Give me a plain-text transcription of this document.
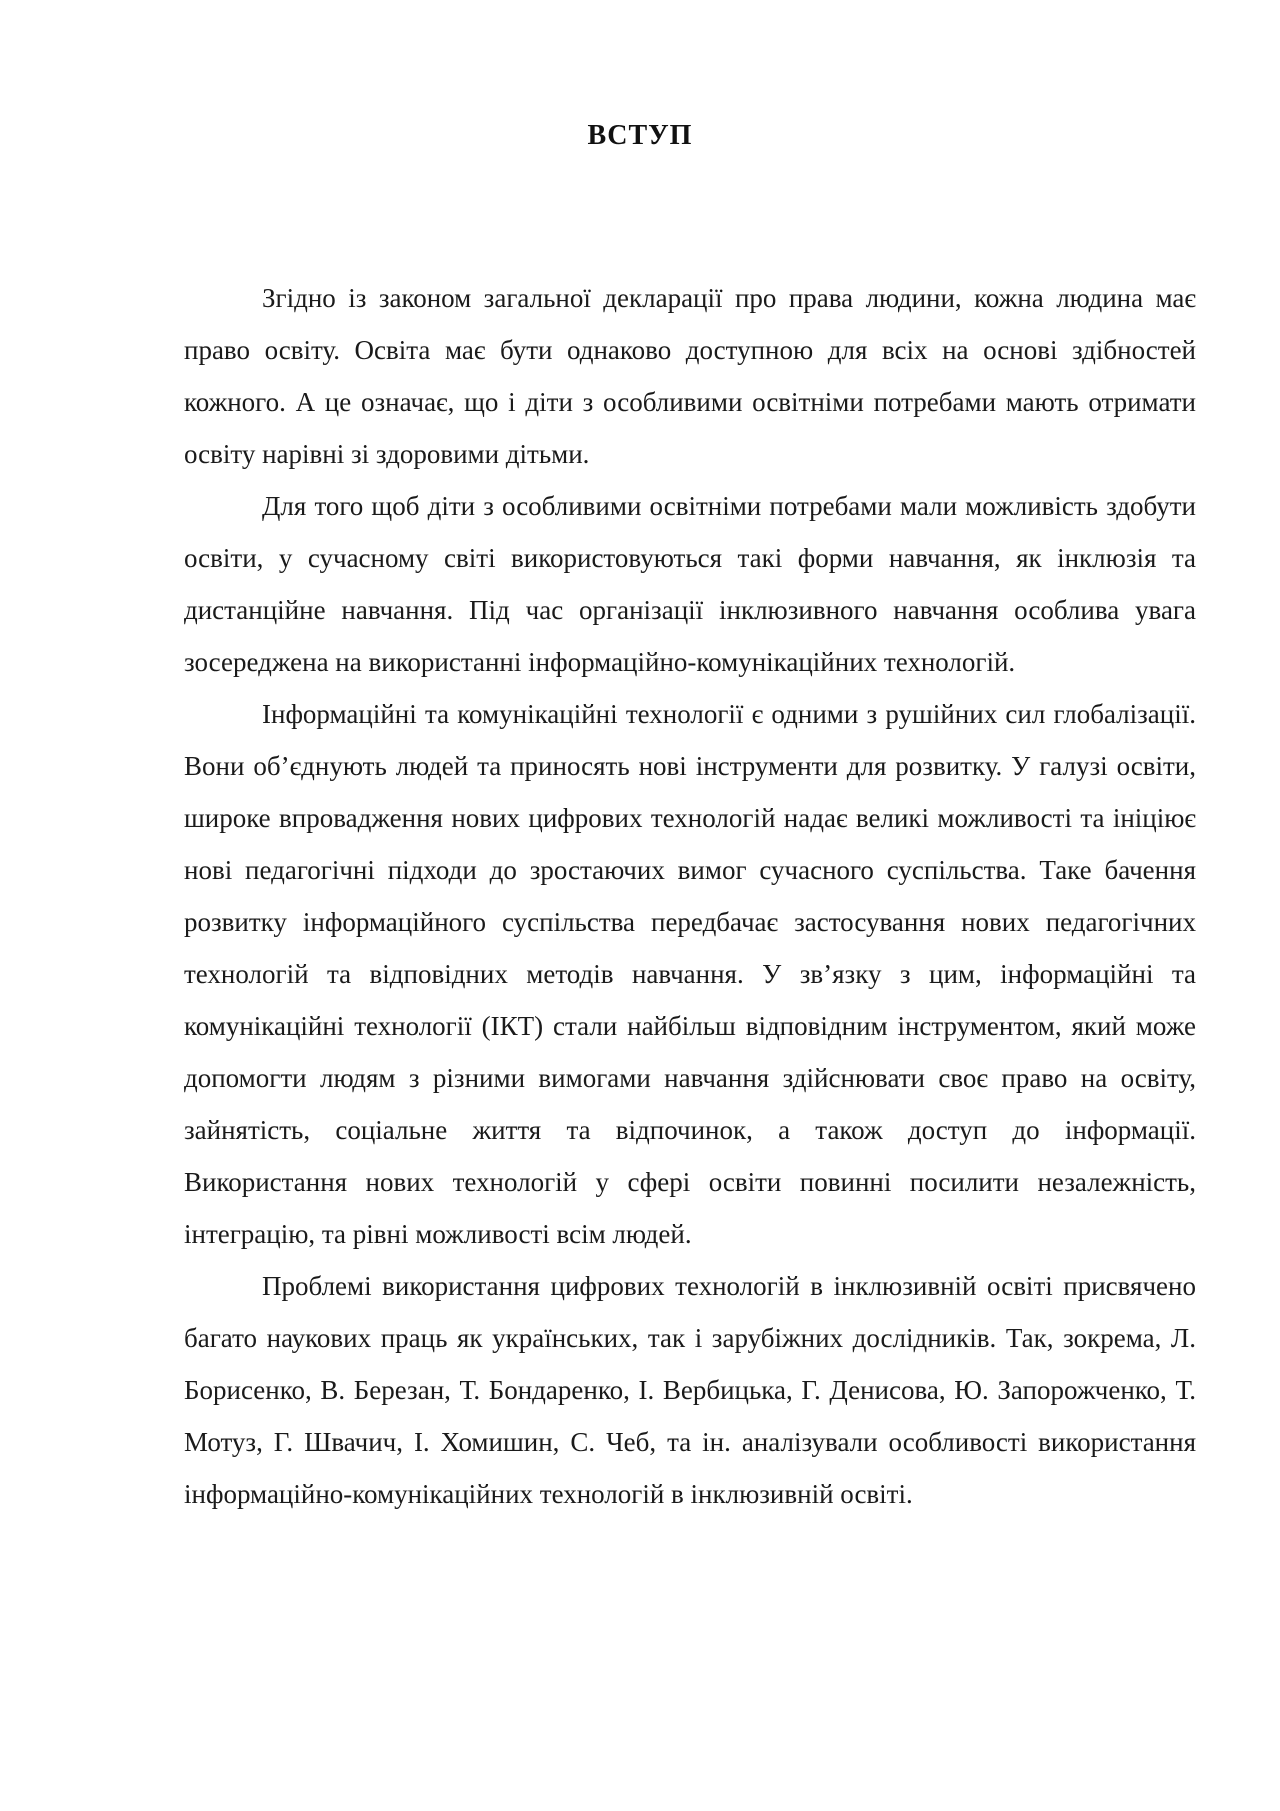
ВСТУП

Згідно із законом загальної декларації про права людини, кожна людина має право освіту. Освіта має бути однаково доступною для всіх на основі здібностей кожного. А це означає, що і діти з особливими освітніми потребами мають отримати освіту нарівні зі здоровими дітьми.

Для того щоб діти з особливими освітніми потребами мали можливість здобути освіти, у сучасному світі використовуються такі форми навчання, як інклюзія та дистанційне навчання. Під час організації інклюзивного навчання особлива увага зосереджена на використанні інформаційно-комунікаційних технологій.

Інформаційні та комунікаційні технології є одними з рушійних сил глобалізації. Вони об’єднують людей та приносять нові інструменти для розвитку. У галузі освіти, широке впровадження нових цифрових технологій надає великі можливості та ініціює нові педагогічні підходи до зростаючих вимог сучасного суспільства. Таке бачення розвитку інформаційного суспільства передбачає застосування нових педагогічних технологій та відповідних методів навчання. У зв’язку з цим, інформаційні та комунікаційні технології (ІКТ) стали найбільш відповідним інструментом, який може допомогти людям з різними вимогами навчання здійснювати своє право на освіту, зайнятість, соціальне життя та відпочинок, а також доступ до інформації. Використання нових технологій у сфері освіти повинні посилити незалежність, інтеграцію, та рівні можливості всім людей.

Проблемі використання цифрових технологій в інклюзивній освіті присвячено багато наукових праць як українських, так і зарубіжних дослідників. Так, зокрема, Л. Борисенко, В. Березан, Т. Бондаренко, І. Вербицька, Г. Денисова, Ю. Запорожченко, Т. Мотуз, Г. Швачич, І. Хомишин, С. Чеб, та ін. аналізували особливості використання інформаційно-комунікаційних технологій в інклюзивній освіті.
